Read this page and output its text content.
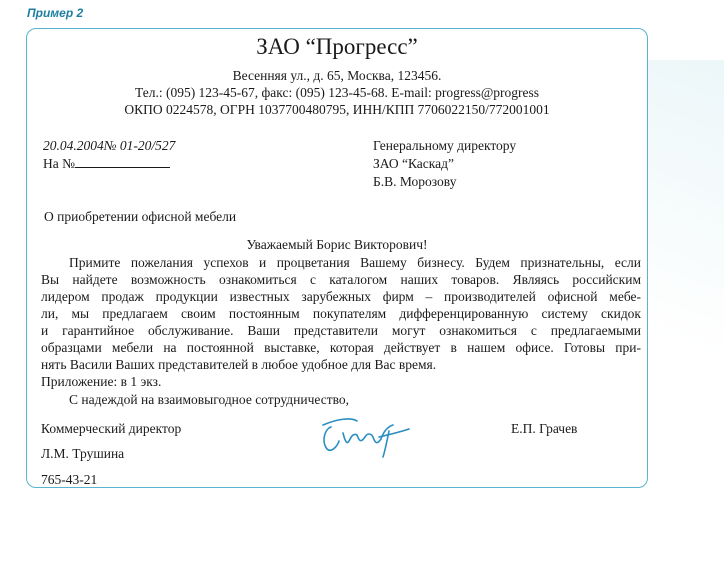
Пример 2
ЗАО “Прогресс”
Весенняя ул., д. 65, Москва, 123456.
Тел.: (095) 123-45-67, факс: (095) 123-45-68. E-mail: progress@progress
ОКПО 0224578, ОГРН 1037700480795, ИНН/КПП 7706022150/772001001
20.04.2004№ 01-20/527
На №
Генеральному директору
ЗАО “Каскад”
Б.В. Морозову
О приобретении офисной мебели
Уважаемый Борис Викторович!

Примите пожелания успехов и процветания Вашему бизнесу. Будем признательны, если

Вы найдете возможность ознакомиться с каталогом наших товаров. Являясь российским

лидером продаж продукции известных зарубежных фирм – производителей офисной мебе-

ли, мы предлагаем своим постоянным покупателям дифференцированную систему скидок

и гарантийное обслуживание. Ваши представители могут ознакомиться с предлагаемыми

образцами мебели на постоянной выставке, которая действует в нашем офисе. Готовы при-

нять Васили Ваших представителей в любое удобное для Вас время.

Приложение: в 1 экз.

С надеждой на взаимовыгодное сотрудничество,

Коммерческий директор	Е.П. Грачев
Л.М. Трушина
765-43-21
